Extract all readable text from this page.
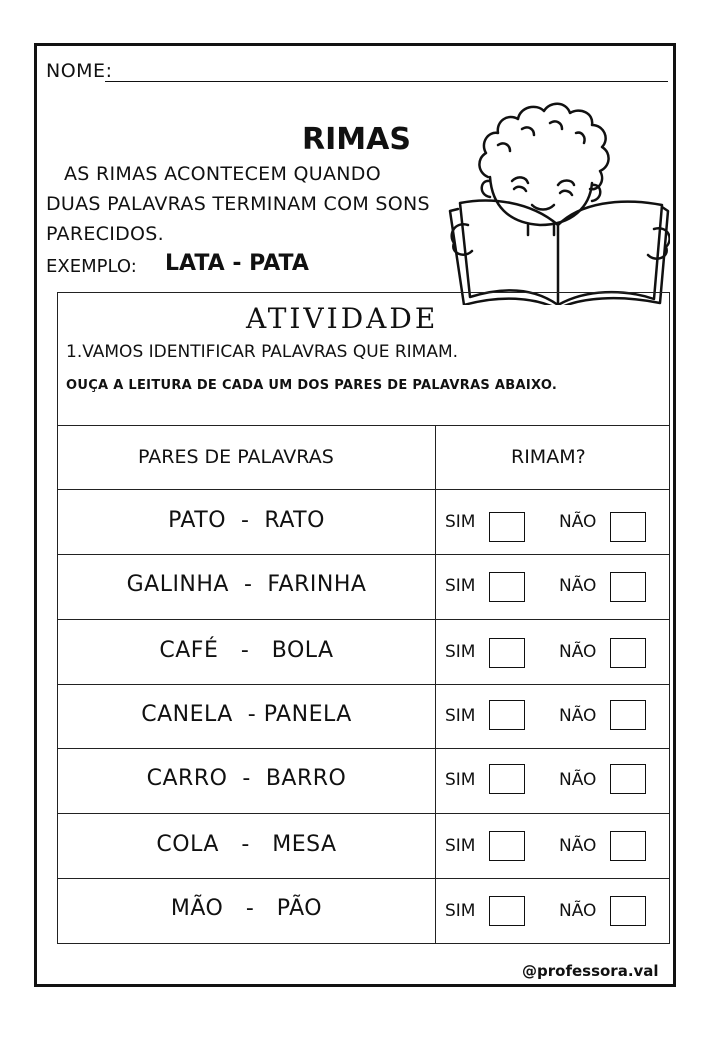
NOME:
RIMAS
AS RIMAS ACONTECEM QUANDO
DUAS PALAVRAS TERMINAM COM SONS
PARECIDOS.
EXEMPLO: LATA - PATA
ATIVIDADE
1.VAMOS IDENTIFICAR PALAVRAS QUE RIMAM.
OUÇA A LEITURA DE CADA UM DOS PARES DE PALAVRAS ABAIXO.
PARES DE PALAVRAS	RIMAM?
PATO  -  RATO	SIM	NÃO
GALINHA  -  FARINHA	SIM	NÃO
CAFÉ   -   BOLA	SIM	NÃO
CANELA  - PANELA	SIM	NÃO
CARRO  -  BARRO	SIM	NÃO
COLA   -   MESA	SIM	NÃO
MÃO   -   PÃO	SIM	NÃO
@professora.val
